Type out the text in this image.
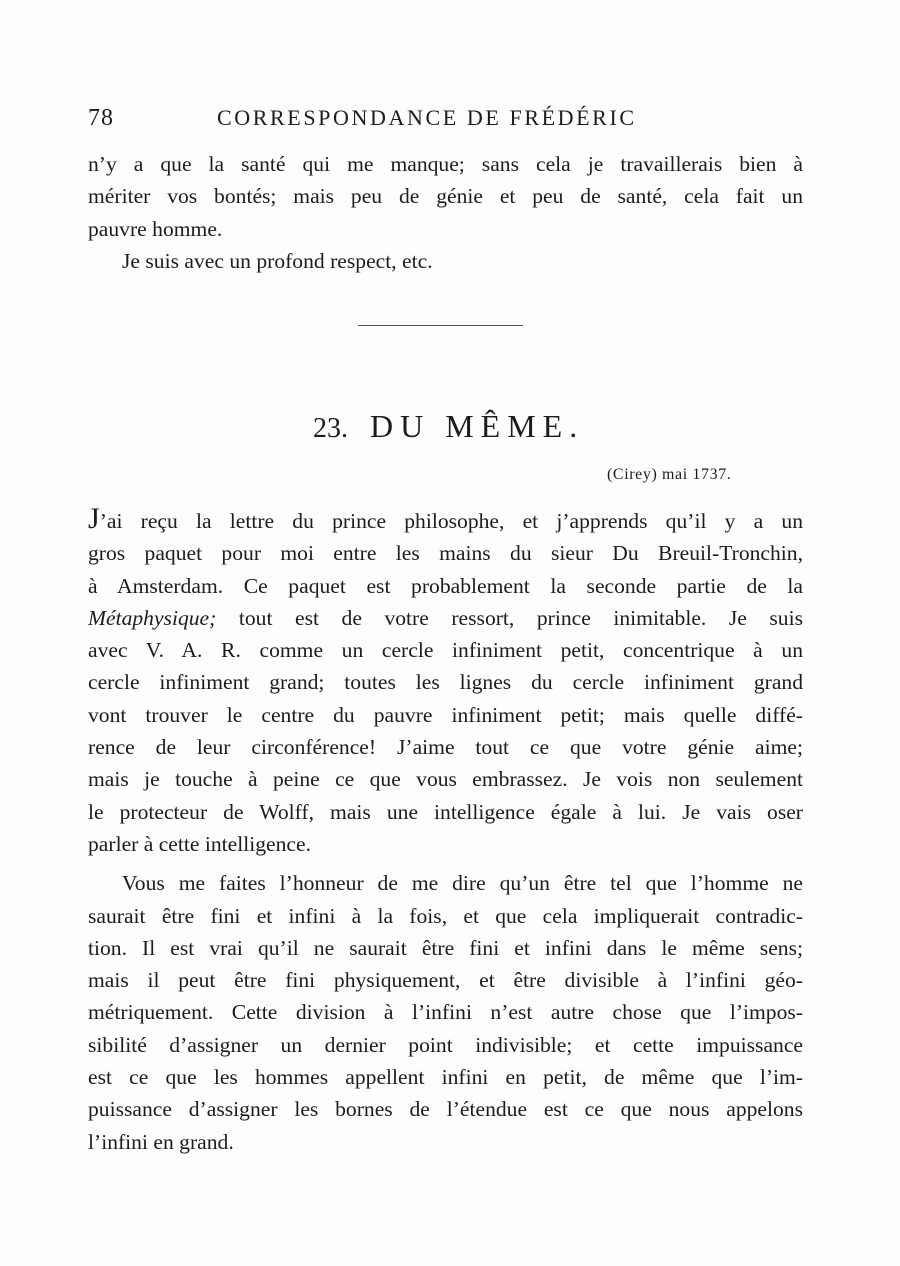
78	CORRESPONDANCE DE FRÉDÉRIC
n’y a que la santé qui me manque; sans cela je travaillerais bien à
mériter vos bontés; mais peu de génie et peu de santé, cela fait un
pauvre homme.
Je suis avec un profond respect, etc.
23. DU MÊME.
(Cirey) mai 1737.
J’ai reçu la lettre du prince philosophe, et j’apprends qu’il y a un
gros paquet pour moi entre les mains du sieur Du Breuil-Tronchin,
à Amsterdam. Ce paquet est probablement la seconde partie de la
Métaphysique; tout est de votre ressort, prince inimitable. Je suis
avec V. A. R. comme un cercle infiniment petit, concentrique à un
cercle infiniment grand; toutes les lignes du cercle infiniment grand
vont trouver le centre du pauvre infiniment petit; mais quelle diffé-
rence de leur circonférence! J’aime tout ce que votre génie aime;
mais je touche à peine ce que vous embrassez. Je vois non seulement
le protecteur de Wolff, mais une intelligence égale à lui. Je vais oser
parler à cette intelligence.
Vous me faites l’honneur de me dire qu’un être tel que l’homme ne
saurait être fini et infini à la fois, et que cela impliquerait contradic-
tion. Il est vrai qu’il ne saurait être fini et infini dans le même sens;
mais il peut être fini physiquement, et être divisible à l’infini géo-
métriquement. Cette division à l’infini n’est autre chose que l’impos-
sibilité d’assigner un dernier point indivisible; et cette impuissance
est ce que les hommes appellent infini en petit, de même que l’im-
puissance d’assigner les bornes de l’étendue est ce que nous appelons
l’infini en grand.
